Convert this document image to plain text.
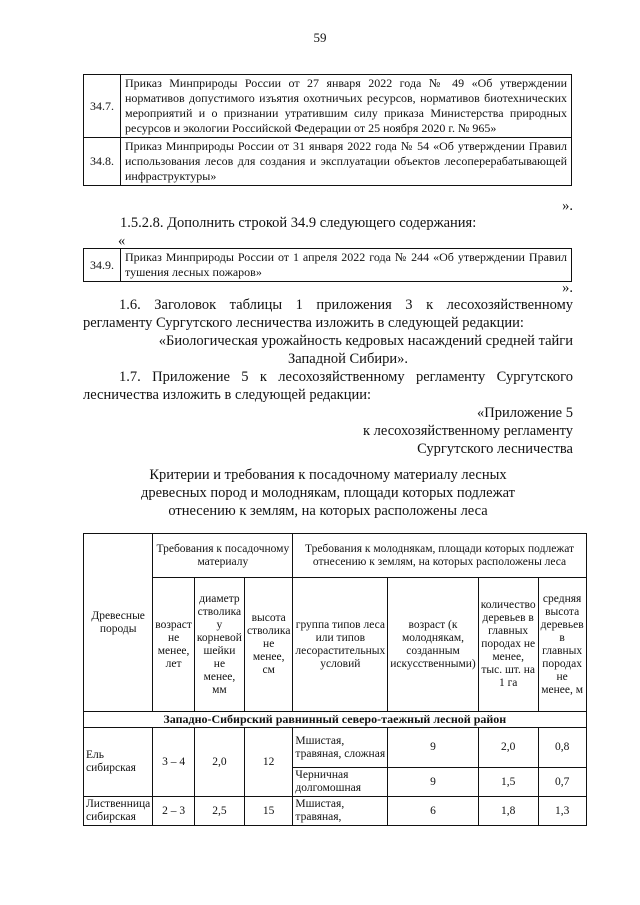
59
34.7.	Приказ Минприроды России от 27 января 2022 года № 49 «Об утверждении нормативов допустимого изъятия охотничьих ресурсов, нормативов биотехнических мероприятий и о признании утратившим силу приказа Министерства природных ресурсов и экологии Российской Федерации от 25 ноября 2020 г. № 965»
34.8.	Приказ Минприроды России от 31 января 2022 года № 54 «Об утверждении Правил использования лесов для создания и эксплуатации объектов лесоперерабатывающей инфраструктуры»
».
1.5.2.8. Дополнить строкой 34.9 следующего содержания:
«
34.9.	Приказ Минприроды России от 1 апреля 2022 года № 244 «Об утверждении Правил тушения лесных пожаров»
».
1.6. Заголовок таблицы 1 приложения 3 к лесохозяйственному регламенту Сургутского лесничества изложить в следующей редакции:
«Биологическая урожайность кедровых насаждений средней тайги
Западной Сибири».
1.7. Приложение 5 к лесохозяйственному регламенту Сургутского лесничества изложить в следующей редакции:
«Приложение 5
к лесохозяйственному регламенту
Сургутского лесничества
Критерии и требования к посадочному материалу лесных
древесных пород и молоднякам, площади которых подлежат
отнесению к землям, на которых расположены леса
Древесные породы	Требования к посадочному материалу			Требования к молоднякам, площади которых подлежат отнесению к землям, на которых расположены леса			
	возраст не менее, лет	диаметр стволика у корневой шейки не менее, мм	высота стволика не менее, см	группа типов леса или типов лесорастительных условий	возраст (к молоднякам, созданным искусственными)	количество деревьев в главных породах не менее, тыс. шт. на 1 га	средняя высота деревьев в главных породах не менее, м
Западно-Сибирский равнинный северо-таежный лесной район							
Ель сибирская	3 – 4	2,0	12	Мшистая, травяная, сложная	9	2,0	0,8
				Черничная долгомошная	9	1,5	0,7
Лиственница сибирская	2 – 3	2,5	15	Мшистая, травяная,	6	1,8	1,3
